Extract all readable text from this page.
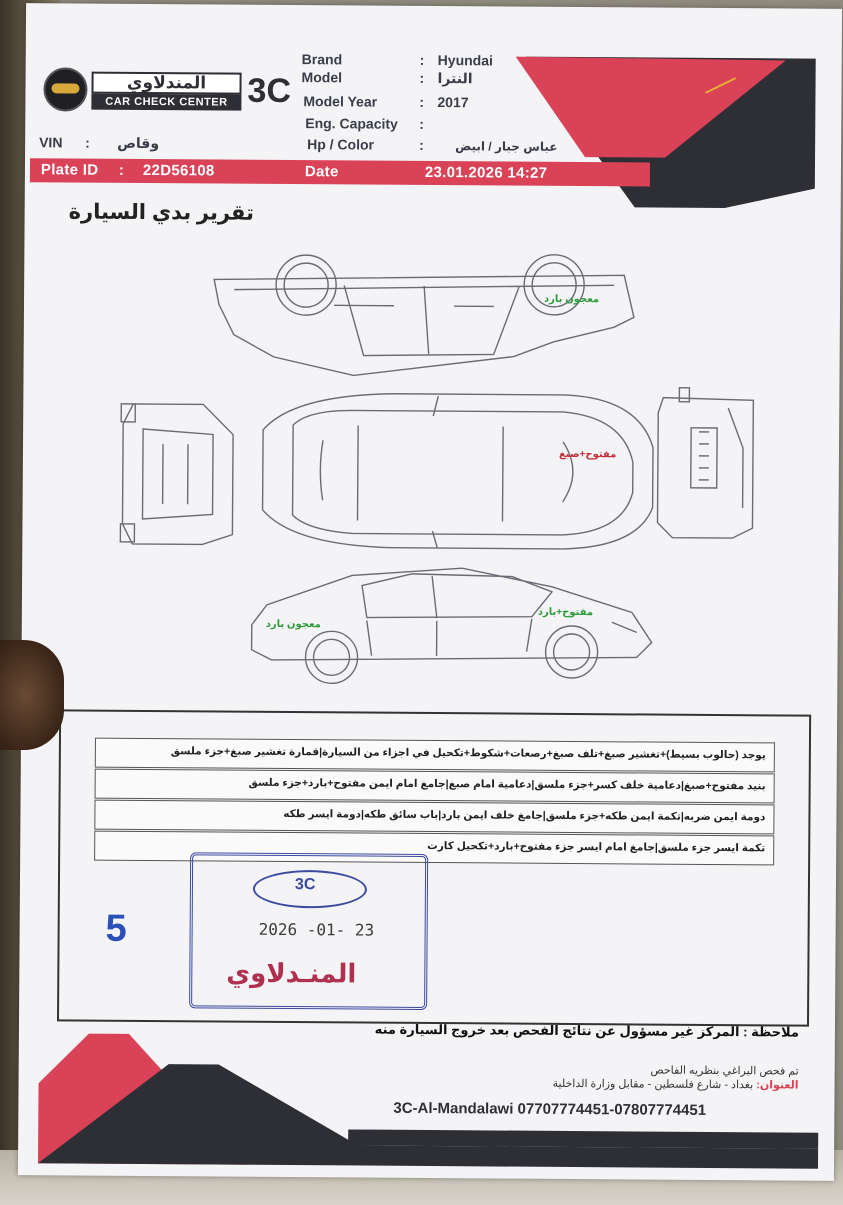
المندلاوي
CAR CHECK CENTER 3C
Brand	: Hyundai
Model	: النترا
Model Year	: 2017
Eng. Capacity :
Hp / Color	:	عباس جبار / ابيض
VIN : وقاص
Plate ID : 22D56108	Date	23.01.2026 14:27
تقرير بدي السيارة
معجون بارد
مفتوح+صبغ
مفتوح+بارد
معجون بارد
يوجد (حالوب بسيط)+تغشير صبغ+تلف صبغ+رصعات+شكوط+تكحيل في اجزاء من السيارة|قمارة تغشير صبغ+جزء ملسق
بنيد مفتوح+صبغ|دعامية خلف كسر+جزء ملسق|دعامية امام صبغ|جامغ امام ايمن مفتوح+بارد+جزء ملسق
دومة ايمن ضربه|تكمة ايمن طكه+جزء ملسق|جامغ خلف ايمن بارد|باب سائق طكه|دومة ايسر طكه
تكمة ايسر جزء ملسق|جامغ امام ايسر جزء مفتوح+بارد+تكحيل كارت
5
3C
2026 -01- 23
المنـدلاوي
ملاحظة : المركز غير مسؤول عن نتائج الفحص بعد خروج السيارة منه
تم فحص البراغي بنظريه الفاحص
العنوان: بغداد - شارع فلسطين - مقابل وزارة الداخلية
3C-Al-Mandalawi 07707774451-07807774451
